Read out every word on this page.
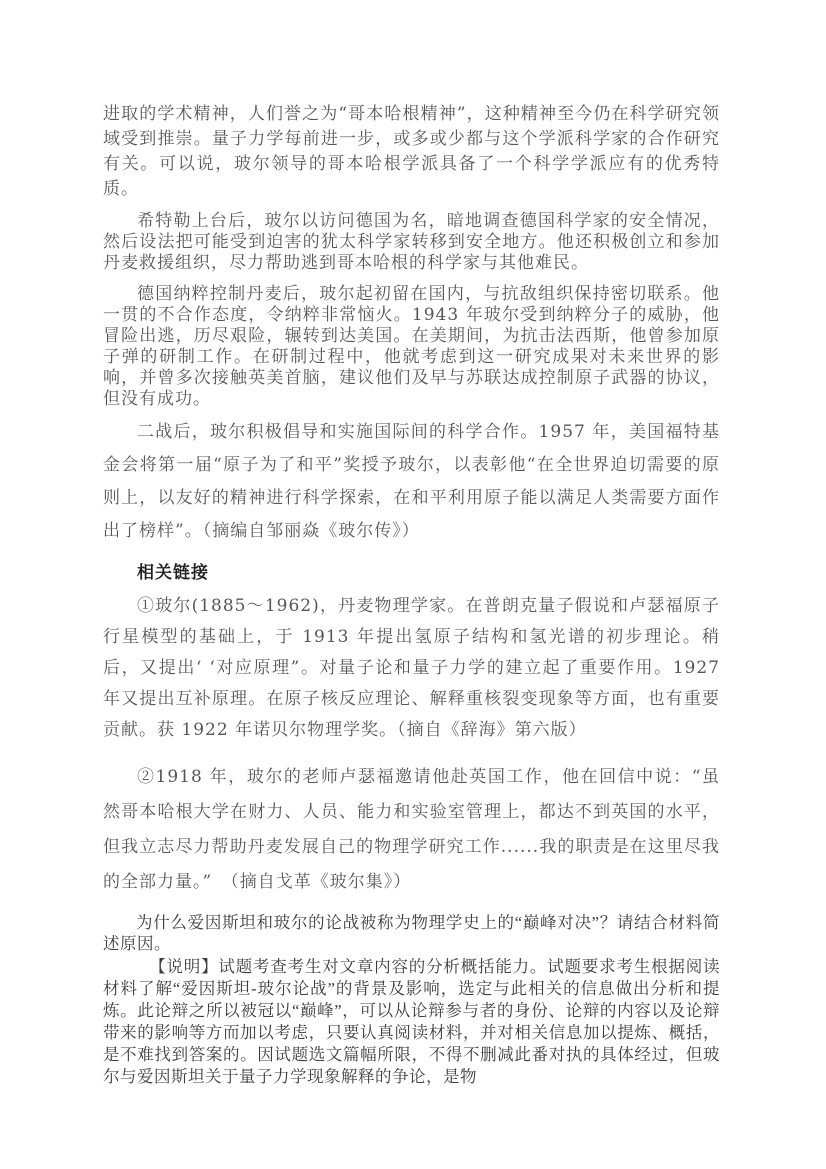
进取的学术精神，人们誉之为“哥本哈根精神”，这种精神至今仍在科学研究领域受到推崇。量子力学每前进一步，或多或少都与这个学派科学家的合作研究有关。可以说，玻尔领导的哥本哈根学派具备了一个科学学派应有的优秀特质。

希特勒上台后，玻尔以访问德国为名，暗地调查德国科学家的安全情况，然后设法把可能受到迫害的犹太科学家转移到安全地方。他还积极创立和参加丹麦救援组织，尽力帮助逃到哥本哈根的科学家与其他难民。

德国纳粹控制丹麦后，玻尔起初留在国内，与抗敌组织保持密切联系。他一贯的不合作态度，令纳粹非常恼火。1943 年玻尔受到纳粹分子的威胁，他冒险出逃，历尽艰险，辗转到达美国。在美期间，为抗击法西斯，他曾参加原子弹的研制工作。在研制过程中，他就考虑到这一研究成果对未来世界的影响，并曾多次接触英美首脑，建议他们及早与苏联达成控制原子武器的协议，但没有成功。

二战后，玻尔积极倡导和实施国际间的科学合作。1957 年，美国福特基金会将第一届“原子为了和平”奖授予玻尔，以表彰他“在全世界迫切需要的原则上，以友好的精神进行科学探索，在和平利用原子能以满足人类需要方面作出了榜样”。（摘编自邹丽焱《玻尔传》）

相关链接

①玻尔(1885～1962)，丹麦物理学家。在普朗克量子假说和卢瑟福原子行星模型的基础上，于 1913 年提出氢原子结构和氢光谱的初步理论。稍后，又提出‘ ‘对应原理”。对量子论和量子力学的建立起了重要作用。1927 年又提出互补原理。在原子核反应理论、解释重核裂变现象等方面，也有重要贡献。获 1922 年诺贝尔物理学奖。（摘自《辞海》第六版）

②1918 年，玻尔的老师卢瑟福邀请他赴英国工作，他在回信中说：“虽然哥本哈根大学在财力、人员、能力和实验室管理上，都达不到英国的水平，但我立志尽力帮助丹麦发展自己的物理学研究工作......我的职责是在这里尽我的全部力量。”　（摘自戈革《玻尔集》）

为什么爱因斯坦和玻尔的论战被称为物理学史上的“巅峰对决”？请结合材料简述原因。

【说明】试题考查考生对文章内容的分析概括能力。试题要求考生根据阅读材料了解“爱因斯坦-玻尔论战”的背景及影响，选定与此相关的信息做出分析和提炼。此论辩之所以被冠以“巅峰”，可以从论辩参与者的身份、论辩的内容以及论辩带来的影响等方而加以考虑，只要认真阅读材料，并对相关信息加以提炼、概括，是不难找到答案的。因试题选文篇幅所限，不得不删减此番对执的具体经过，但玻尔与爱因斯坦关于量子力学现象解释的争论，是物
